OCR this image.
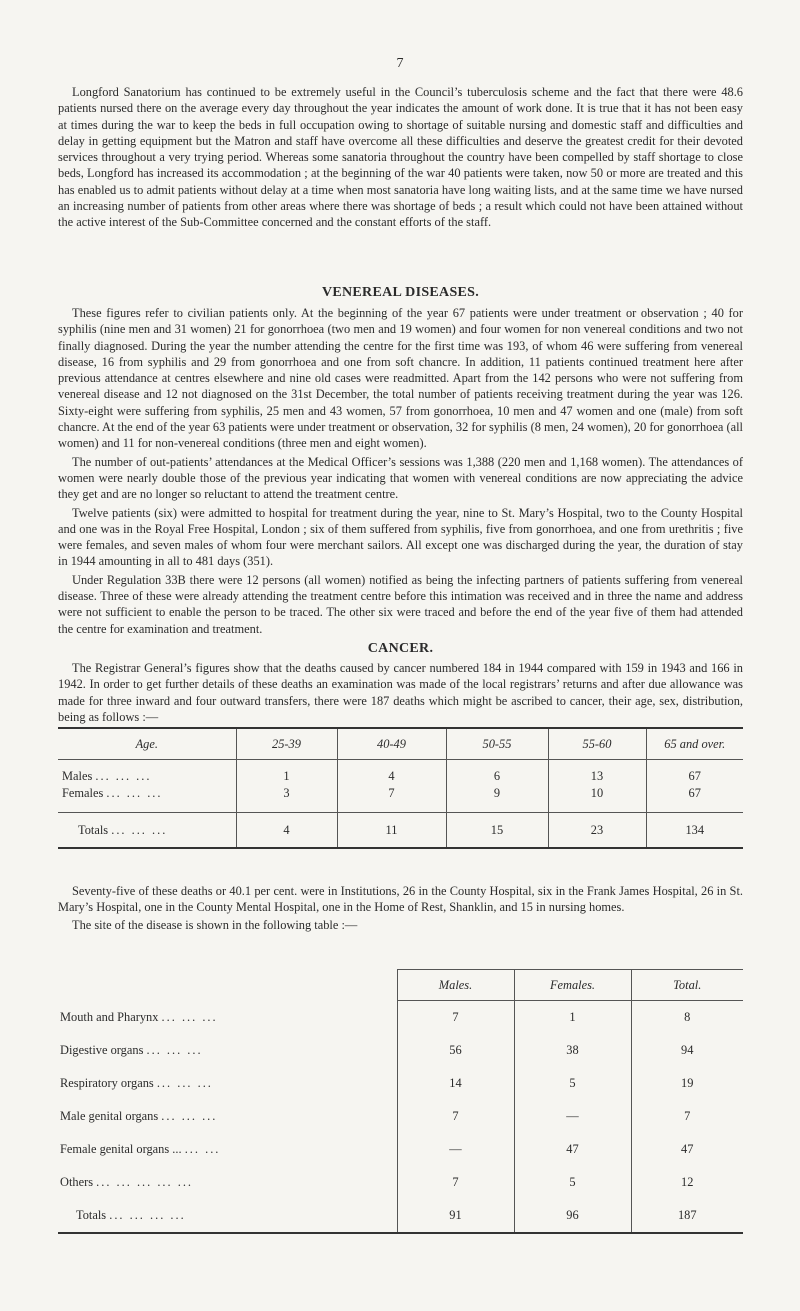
7

Longford Sanatorium has continued to be extremely useful in the Council’s tuberculosis scheme and the fact that there were 48.6 patients nursed there on the average every day throughout the year indicates the amount of work done. It is true that it has not been easy at times during the war to keep the beds in full occupation owing to shortage of suitable nursing and domestic staff and difficulties and delay in getting equipment but the Matron and staff have overcome all these difficulties and deserve the greatest credit for their devoted services throughout a very trying period. Whereas some sanatoria throughout the country have been compelled by staff shortage to close beds, Longford has increased its accommodation ; at the beginning of the war 40 patients were taken, now 50 or more are treated and this has enabled us to admit patients without delay at a time when most sanatoria have long waiting lists, and at the same time we have nursed an increasing number of patients from other areas where there was shortage of beds ; a result which could not have been attained without the active interest of the Sub-Committee concerned and the constant efforts of the staff.

VENEREAL DISEASES.

These figures refer to civilian patients only. At the beginning of the year 67 patients were under treatment or observation ; 40 for syphilis (nine men and 31 women) 21 for gonorrhoea (two men and 19 women) and four women for non venereal conditions and two not finally diagnosed. During the year the number attending the centre for the first time was 193, of whom 46 were suffering from venereal disease, 16 from syphilis and 29 from gonorrhoea and one from soft chancre. In addition, 11 patients continued treatment here after previous attendance at centres elsewhere and nine old cases were readmitted. Apart from the 142 persons who were not suffering from venereal disease and 12 not diagnosed on the 31st December, the total number of patients receiving treatment during the year was 126. Sixty-eight were suffering from syphilis, 25 men and 43 women, 57 from gonorrhoea, 10 men and 47 women and one (male) from soft chancre. At the end of the year 63 patients were under treatment or observation, 32 for syphilis (8 men, 24 women), 20 for gonorrhoea (all women) and 11 for non-venereal conditions (three men and eight women).

The number of out-patients’ attendances at the Medical Officer’s sessions was 1,388 (220 men and 1,168 women). The attendances of women were nearly double those of the previous year indicating that women with venereal conditions are now appreciating the advice they get and are no longer so reluctant to attend the treatment centre.

Twelve patients (six) were admitted to hospital for treatment during the year, nine to St. Mary’s Hospital, two to the County Hospital and one was in the Royal Free Hospital, London ; six of them suffered from syphilis, five from gonorrhoea, and one from urethritis ; five were females, and seven males of whom four were merchant sailors. All except one was discharged during the year, the duration of stay in 1944 amounting in all to 481 days (351).

Under Regulation 33B there were 12 persons (all women) notified as being the infecting partners of patients suffering from venereal disease. Three of these were already attending the treatment centre before this intimation was received and in three the name and address were not sufficient to enable the person to be traced. The other six were traced and before the end of the year five of them had attended the centre for examination and treatment.

CANCER.

The Registrar General’s figures show that the deaths caused by cancer numbered 184 in 1944 compared with 159 in 1943 and 166 in 1942. In order to get further details of these deaths an examination was made of the local registrars’ returns and after due allowance was made for three inward and four outward transfers, there were 187 deaths which might be ascribed to cancer, their age, sex, distribution, being as follows :—

Age.	25-39	40-49	50-55	55-60	65 and over.
Males ... ... ...	1	4	6	13	67
Females ... ... ...	3	7	9	10	67
Totals ... ... ...	4	11	15	23	134

Seventy-five of these deaths or 40.1 per cent. were in Institutions, 26 in the County Hospital, six in the Frank James Hospital, 26 in St. Mary’s Hospital, one in the County Mental Hospital, one in the Home of Rest, Shanklin, and 15 in nursing homes.

The site of the disease is shown in the following table :—

	Males.	Females.	Total.
Mouth and Pharynx ... ... ...	7	1	8
Digestive organs ... ... ...	56	38	94
Respiratory organs ... ... ...	14	5	19
Male genital organs ... ... ...	7	—	7
Female genital organs ... ... ...	—	47	47
Others ... ... ... ... ...	7	5	12
Totals ... ... ... ...	91	96	187
